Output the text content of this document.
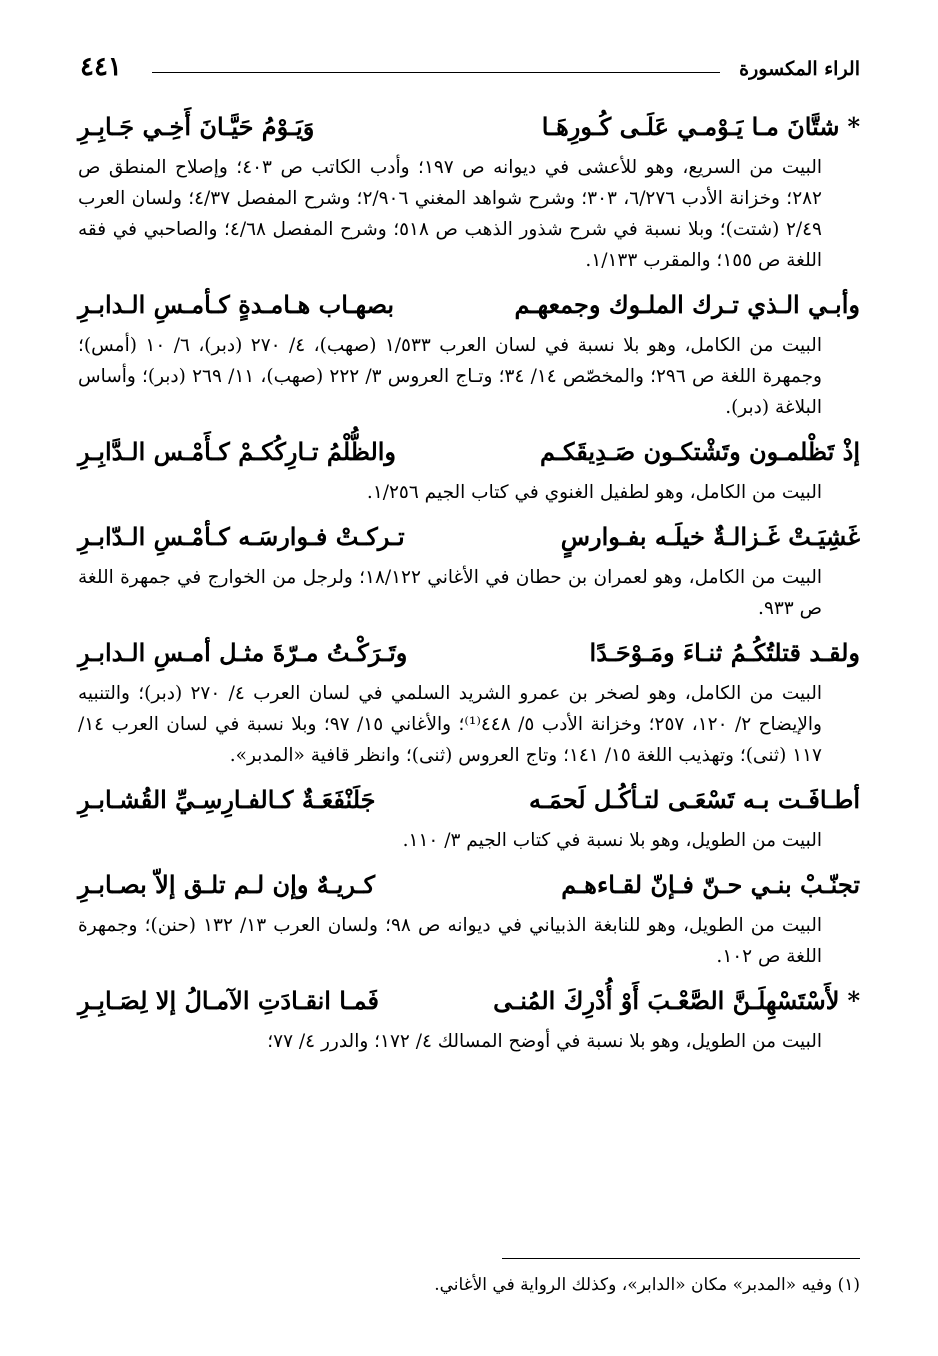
الراء المكسورة
٤٤١
*شتَّانَ مـا يَـوْمـي عَلَـى كُـورِهَـا
وَيَـوْمُ حَيَّـانَ أَخِـي جَـابِـرِ
البيت من السريع، وهو للأعشى في ديوانه ص ١٩٧؛ وأدب الكاتب ص ٤٠٣؛ وإصلاح المنطق ص ٢٨٢؛ وخزانة الأدب ٦/٢٧٦، ٣٠٣؛ وشرح شواهد المغني ٢/٩٠٦؛ وشرح المفصل ٤/٣٧؛ ولسان العرب ٢/٤٩ (شتت)؛ وبلا نسبة في شرح شذور الذهب ص ٥١٨؛ وشرح المفصل ٤/٦٨؛ والصاحبي في فقه اللغة ص ١٥٥؛ والمقرب ١/١٣٣.
وأبـي الـذي تـرك الملـوك وجمعهـم
بصهـاب هـامـدةٍ كـأمـسِ الـدابـرِ
البيت من الكامل، وهو بلا نسبة في لسان العرب ١/٥٣٣ (صهب)، ٤/ ٢٧٠ (دبر)، ٦/ ١٠ (أمس)؛ وجمهرة اللغة ص ٢٩٦؛ والمخصّص ١٤/ ٣٤؛ وتـاج العروس ٣/ ٢٢٢ (صهب)، ١١/ ٢٦٩ (دبر)؛ وأساس البلاغة (دبر).
إذْ تَظْلمـون وتَشْتكـون صَـدِيقَكـم
والظُّلْمُ تـارِكُكـمْ كـأَمْـس الـدَّابِـرِ
البيت من الكامل، وهو لطفيل الغنوي في كتاب الجيم ١/٢٥٦.
غَشِيَـتْ غَـزالـةٌ خيلَـه بفـوارسٍ
تـركـتْ فـوارسَـه كـأمْـسِ الـدّابـرِ
البيت من الكامل، وهو لعمران بن حطان في الأغاني ١٨/١٢٢؛ ولرجل من الخوارج في جمهرة اللغة ص ٩٣٣.
ولقـد قتلتُكُـمُ ثنـاءَ ومَـوْحَـدًا
وتَـرَكْـتُ مـرّةَ مثـل أمـسِ الـدابـرِ
البيت من الكامل، وهو لصخر بن عمرو الشريد السلمي في لسان العرب ٤/ ٢٧٠ (دبر)؛ والتنبيه والإيضاح ٢/ ١٢٠، ٢٥٧؛ وخزانة الأدب ٥/ ٤٤٨⁽¹⁾؛ والأغاني ١٥/ ٩٧؛ وبلا نسبة في لسان العرب ١٤/ ١١٧ (ثنى)؛ وتهذيب اللغة ١٥/ ١٤١؛ وتاج العروس (ثنى)؛ وانظر قافية «المدبر».
أطـافَـت بـه تَسْعَـى لتـأكُـل لَحمَـه
جَلَنْفَعَـةٌ كـالفـارِسِـيِّ القُشـابـرِ
البيت من الطويل، وهو بلا نسبة في كتاب الجيم ٣/ ١١٠.
تجنّـبْ بنـي حـنّ فـإنّ لقـاءهـم
كـريـهٌ وإن لـم تلـق إلاّ بصـابـرِ
البيت من الطويل، وهو للنابغة الذبياني في ديوانه ص ٩٨؛ ولسان العرب ١٣/ ١٣٢ (حنن)؛ وجمهرة اللغة ص ١٠٢.
*لأَسْتَسْهِلَـنَّ الصَّعْـبَ أَوْ أُدْرِكَ المُنـى
فَمـا انقـادَتِ الآمـالُ إلا لِصَـابِـرِ
البيت من الطويل، وهو بلا نسبة في أوضح المسالك ٤/ ١٧٢؛ والدرر ٤/ ٧٧؛
(١) وفيه «المدبر» مكان «الدابر»، وكذلك الرواية في الأغاني.
